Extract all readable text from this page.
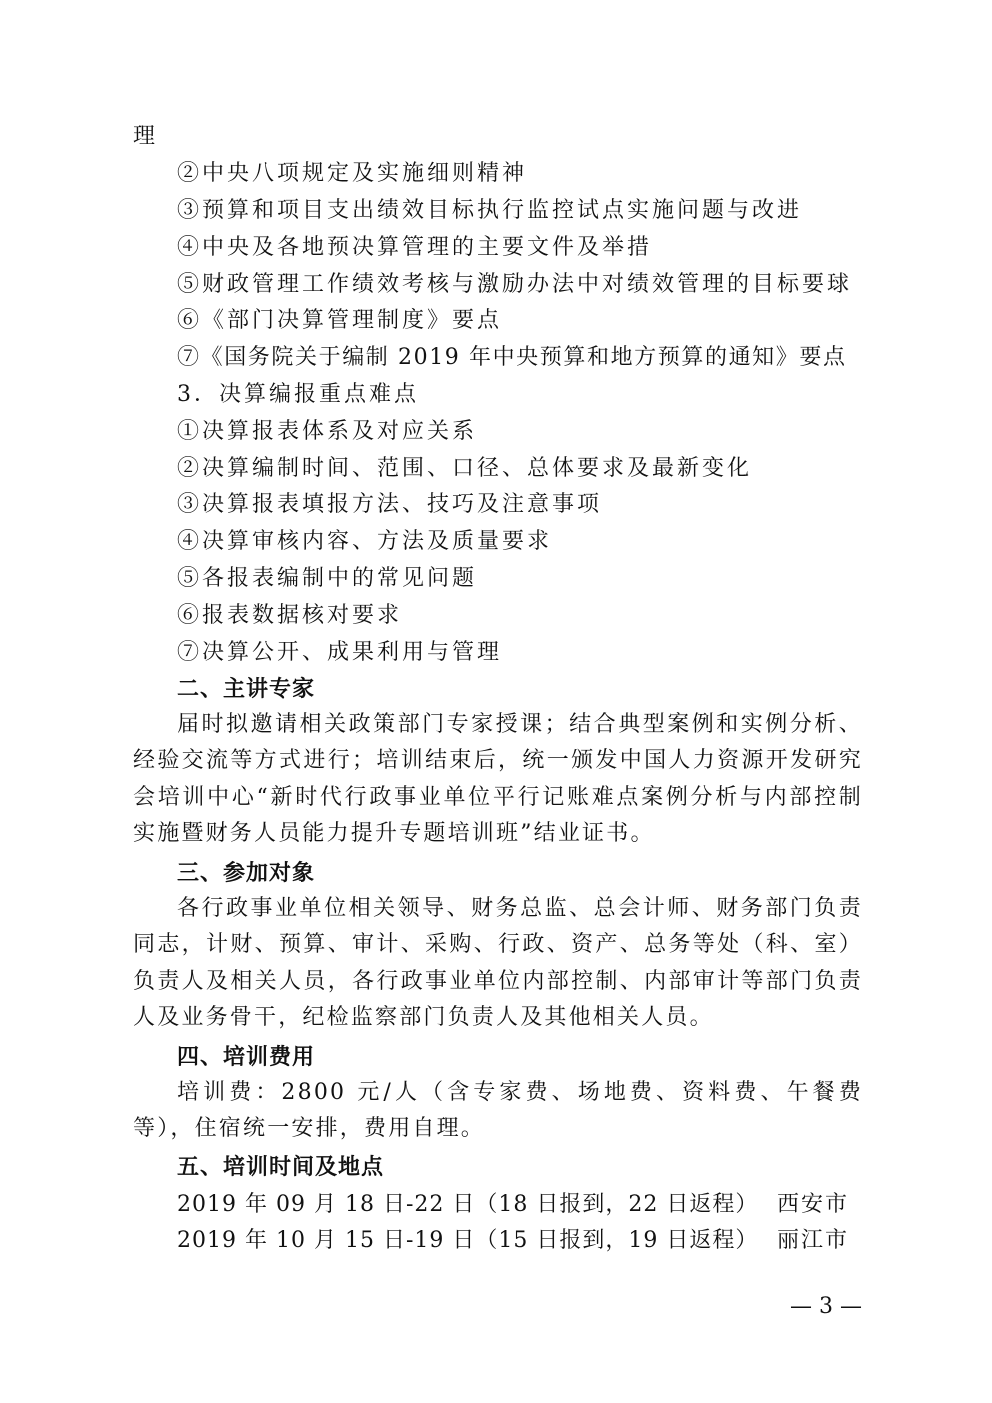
理
②中央八项规定及实施细则精神
③预算和项目支出绩效目标执行监控试点实施问题与改进
④中央及各地预决算管理的主要文件及举措
⑤财政管理工作绩效考核与激励办法中对绩效管理的目标要球
⑥《部门决算管理制度》要点
⑦《国务院关于编制 2019 年中央预算和地方预算的通知》要点
3．决算编报重点难点
①决算报表体系及对应关系
②决算编制时间、范围、口径、总体要求及最新变化
③决算报表填报方法、技巧及注意事项
④决算审核内容、方法及质量要求
⑤各报表编制中的常见问题
⑥报表数据核对要求
⑦决算公开、成果利用与管理
二、主讲专家
届时拟邀请相关政策部门专家授课；结合典型案例和实例分析、经验交流等方式进行；培训结束后，统一颁发中国人力资源开发研究会培训中心“新时代行政事业单位平行记账难点案例分析与内部控制实施暨财务人员能力提升专题培训班”结业证书。
三、参加对象
各行政事业单位相关领导、财务总监、总会计师、财务部门负责同志，计财、预算、审计、采购、行政、资产、总务等处（科、室）负责人及相关人员，各行政事业单位内部控制、内部审计等部门负责人及业务骨干，纪检监察部门负责人及其他相关人员。
四、培训费用
培训费：2800 元/人（含专家费、场地费、资料费、午餐费等），住宿统一安排，费用自理。
五、培训时间及地点
2019 年 09 月 18 日-22 日（18 日报到，22 日返程） 西安市
2019 年 10 月 15 日-19 日（15 日报到，19 日返程） 丽江市
— 3 —
